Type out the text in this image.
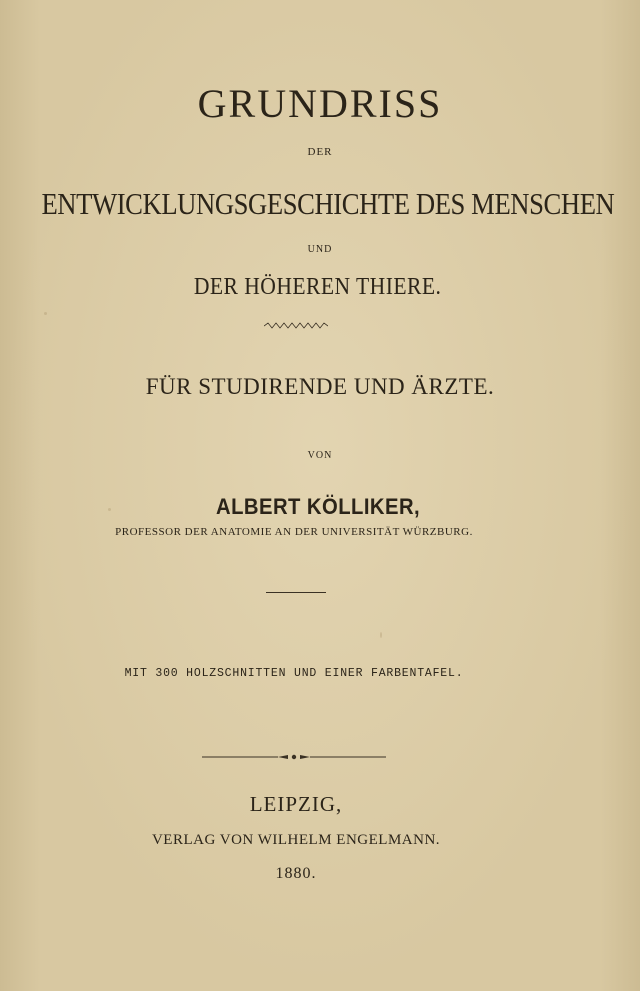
GRUNDRISS
DER
ENTWICKLUNGSGESCHICHTE DES MENSCHEN
UND
DER HÖHEREN THIERE.
FÜR STUDIRENDE UND ÄRZTE.
VON
ALBERT KÖLLIKER,
PROFESSOR DER ANATOMIE AN DER UNIVERSITÄT WÜRZBURG.
MIT 300 HOLZSCHNITTEN UND EINER FARBENTAFEL.
LEIPZIG,
VERLAG VON WILHELM ENGELMANN.
1880.
